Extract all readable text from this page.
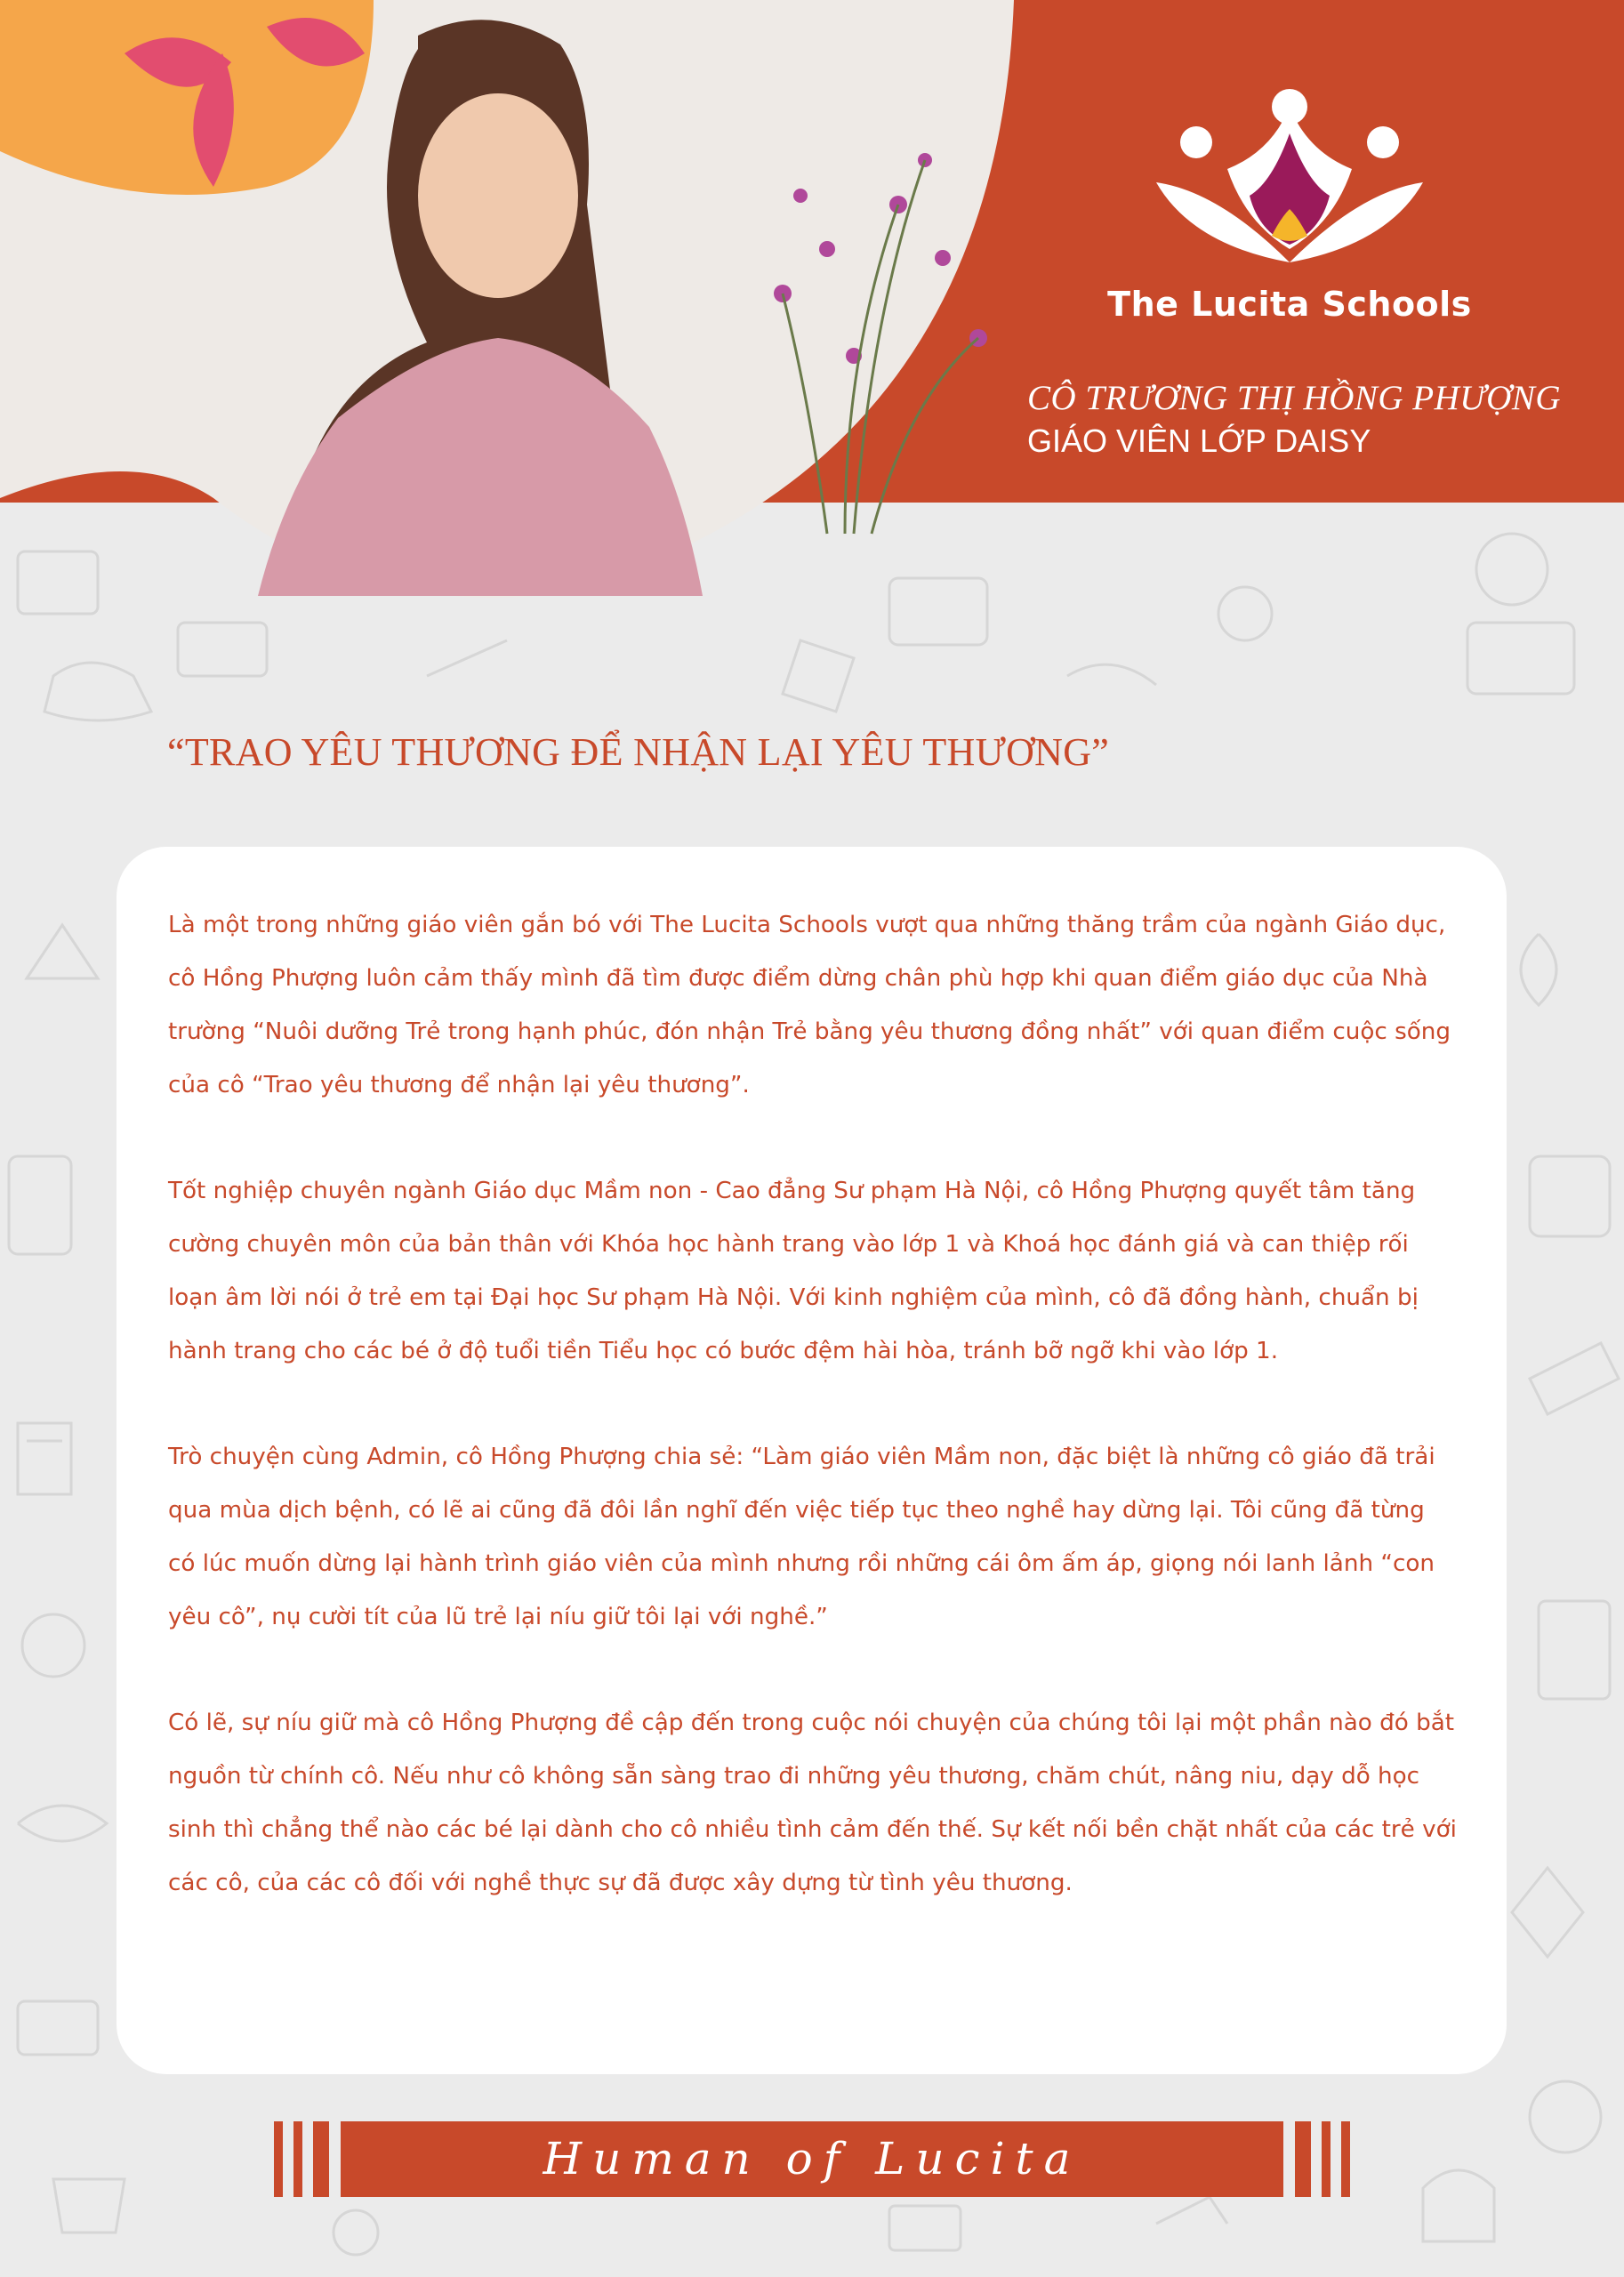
The Lucita Schools
CÔ TRƯƠNG THỊ HỒNG PHƯỢNG
GIÁO VIÊN LỚP DAISY
“TRAO YÊU THƯƠNG ĐỂ NHẬN LẠI YÊU THƯƠNG”

Là một trong những giáo viên gắn bó với The Lucita Schools vượt qua những thăng trầm của ngành Giáo dục, cô Hồng Phượng luôn cảm thấy mình đã tìm được điểm dừng chân phù hợp khi quan điểm giáo dục của Nhà trường “Nuôi dưỡng Trẻ trong hạnh phúc, đón nhận Trẻ bằng yêu thương đồng nhất” với quan điểm cuộc sống của cô “Trao yêu thương để nhận lại yêu thương”.

Tốt nghiệp chuyên ngành Giáo dục Mầm non - Cao đẳng Sư phạm Hà Nội, cô Hồng Phượng quyết tâm tăng cường chuyên môn của bản thân với Khóa học hành trang vào lớp 1 và Khoá học đánh giá và can thiệp rối loạn âm lời nói ở trẻ em tại Đại học Sư phạm Hà Nội. Với kinh nghiệm của mình, cô đã đồng hành, chuẩn bị hành trang cho các bé ở độ tuổi tiền Tiểu học có bước đệm hài hòa, tránh bỡ ngỡ khi vào lớp 1.

Trò chuyện cùng Admin, cô Hồng Phượng chia sẻ: “Làm giáo viên Mầm non, đặc biệt là những cô giáo đã trải qua mùa dịch bệnh, có lẽ ai cũng đã đôi lần nghĩ đến việc tiếp tục theo nghề hay dừng lại. Tôi cũng đã từng có lúc muốn dừng lại hành trình giáo viên của mình nhưng rồi những cái ôm ấm áp, giọng nói lanh lảnh “con yêu cô”, nụ cười tít của lũ trẻ lại níu giữ tôi lại với nghề.”

Có lẽ, sự níu giữ mà cô Hồng Phượng đề cập đến trong cuộc nói chuyện của chúng tôi lại một phần nào đó bắt nguồn từ chính cô. Nếu như cô không sẵn sàng trao đi những yêu thương, chăm chút, nâng niu, dạy dỗ học sinh thì chẳng thể nào các bé lại dành cho cô nhiều tình cảm đến thế. Sự kết nối bền chặt nhất của các trẻ với các cô, của các cô đối với nghề thực sự đã được xây dựng từ tình yêu thương.

Human of Lucita
